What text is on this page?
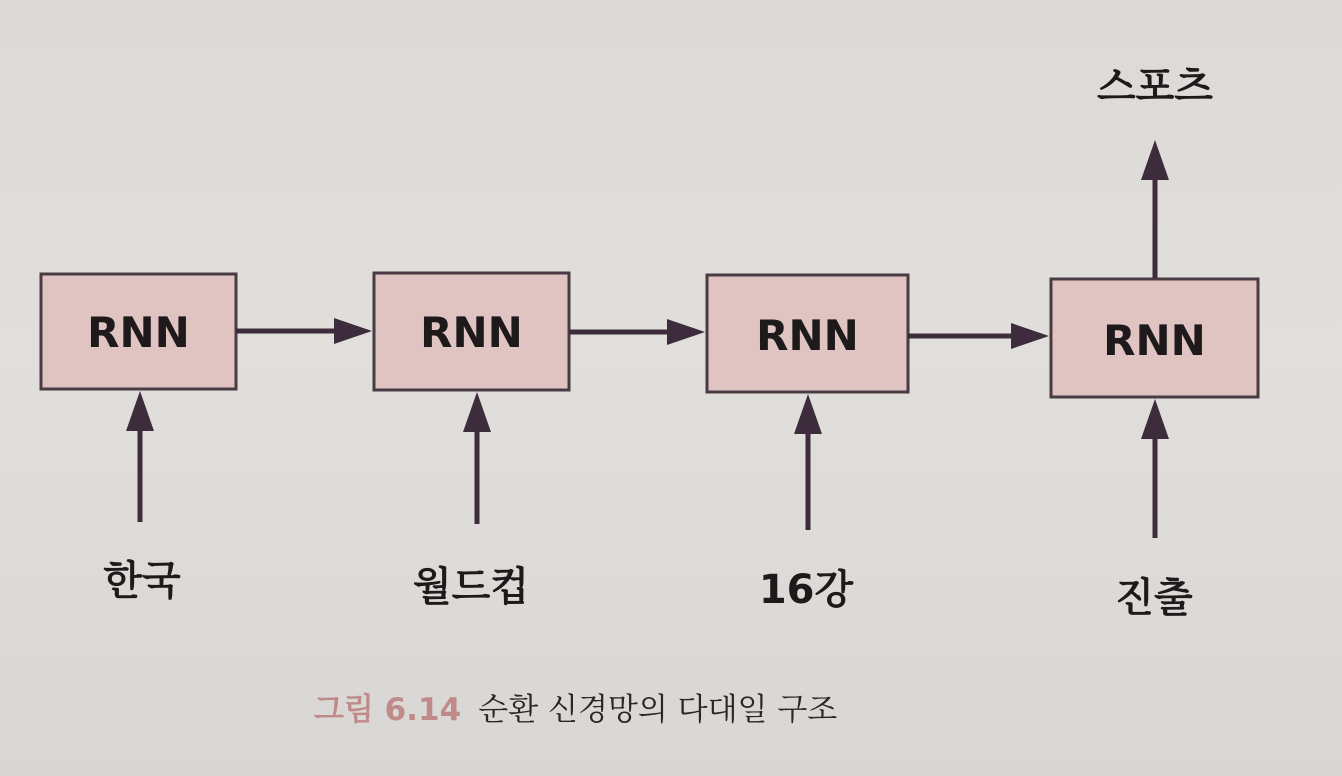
RNN	RNN	RNN	RNN
스포츠
한국	월드컵	16강	진출
그림 6.14 순환 신경망의 다대일 구조
